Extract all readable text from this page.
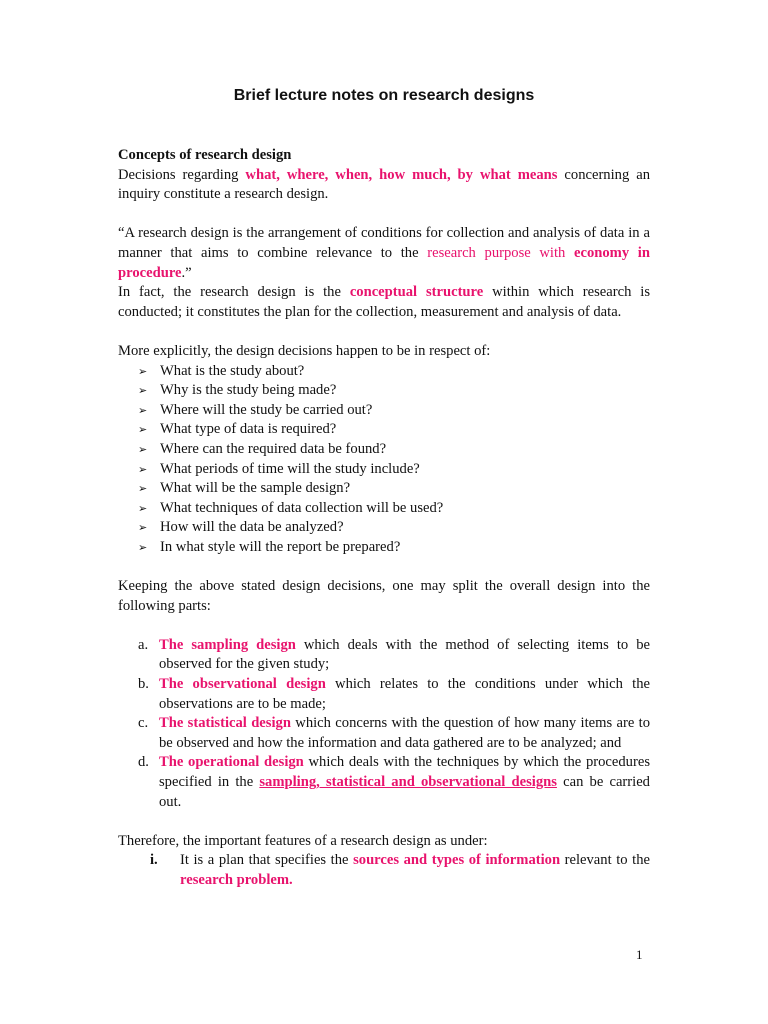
Brief lecture notes on research designs

Concepts of research design

Decisions regarding what, where, when, how much, by what means concerning an inquiry constitute a research design.

“A research design is the arrangement of conditions for collection and analysis of data in a manner that aims to combine relevance to the research purpose with economy in procedure.”

In fact, the research design is the conceptual structure within which research is conducted; it constitutes the plan for the collection, measurement and analysis of data.

More explicitly, the design decisions happen to be in respect of:

➢ What is the study about?
➢ Why is the study being made?
➢ Where will the study be carried out?
➢ What type of data is required?
➢ Where can the required data be found?
➢ What periods of time will the study include?
➢ What will be the sample design?
➢ What techniques of data collection will be used?
➢ How will the data be analyzed?
➢ In what style will the report be prepared?

Keeping the above stated design decisions, one may split the overall design into the following parts:

a. The sampling design which deals with the method of selecting items to be observed for the given study;
b. The observational design which relates to the conditions under which the observations are to be made;
c. The statistical design which concerns with the question of how many items are to be observed and how the information and data gathered are to be analyzed; and
d. The operational design which deals with the techniques by which the procedures specified in the sampling, statistical and observational designs can be carried out.

Therefore, the important features of a research design as under:

i. It is a plan that specifies the sources and types of information relevant to the research problem.
1
